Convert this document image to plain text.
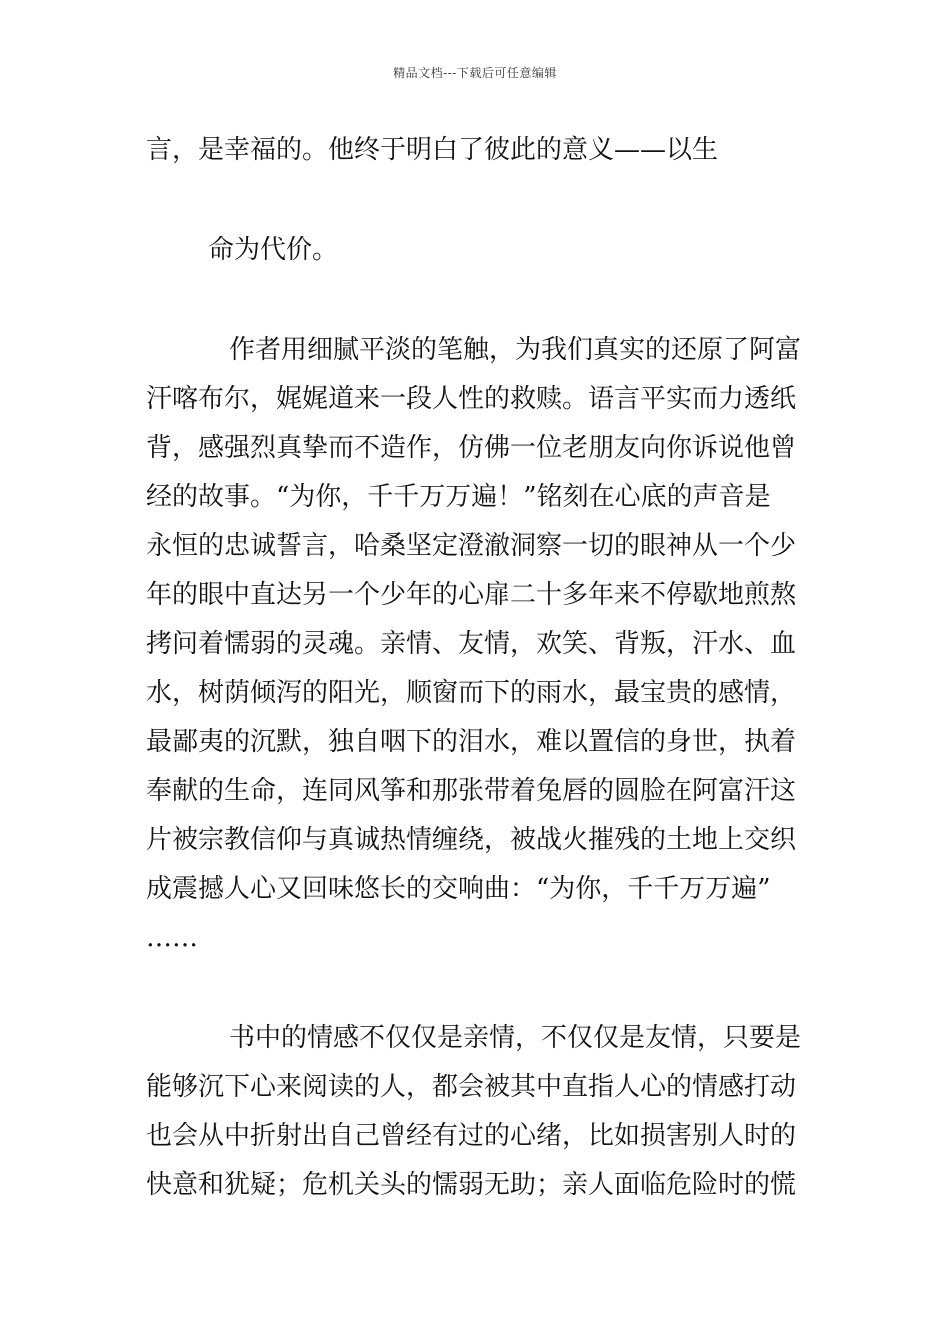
精品文档---下载后可任意编辑
言，是幸福的。他终于明白了彼此的意义——以生
命为代价。
作者用细腻平淡的笔触，为我们真实的还原了阿富
汗喀布尔，娓娓道来一段人性的救赎。语言平实而力透纸
背，感强烈真挚而不造作，仿佛一位老朋友向你诉说他曾
经的故事。“为你，千千万万遍！”铭刻在心底的声音是
永恒的忠诚誓言，哈桑坚定澄澈洞察一切的眼神从一个少
年的眼中直达另一个少年的心扉二十多年来不停歇地煎熬
拷问着懦弱的灵魂。亲情、友情，欢笑、背叛，汗水、血
水，树荫倾泻的阳光，顺窗而下的雨水，最宝贵的感情，
最鄙夷的沉默，独自咽下的泪水，难以置信的身世，执着
奉献的生命，连同风筝和那张带着兔唇的圆脸在阿富汗这
片被宗教信仰与真诚热情缠绕，被战火摧残的土地上交织
成震撼人心又回味悠长的交响曲：“为你，千千万万遍”
……
书中的情感不仅仅是亲情，不仅仅是友情，只要是
能够沉下心来阅读的人，都会被其中直指人心的情感打动
也会从中折射出自己曾经有过的心绪，比如损害别人时的
快意和犹疑；危机关头的懦弱无助；亲人面临危险时的慌
